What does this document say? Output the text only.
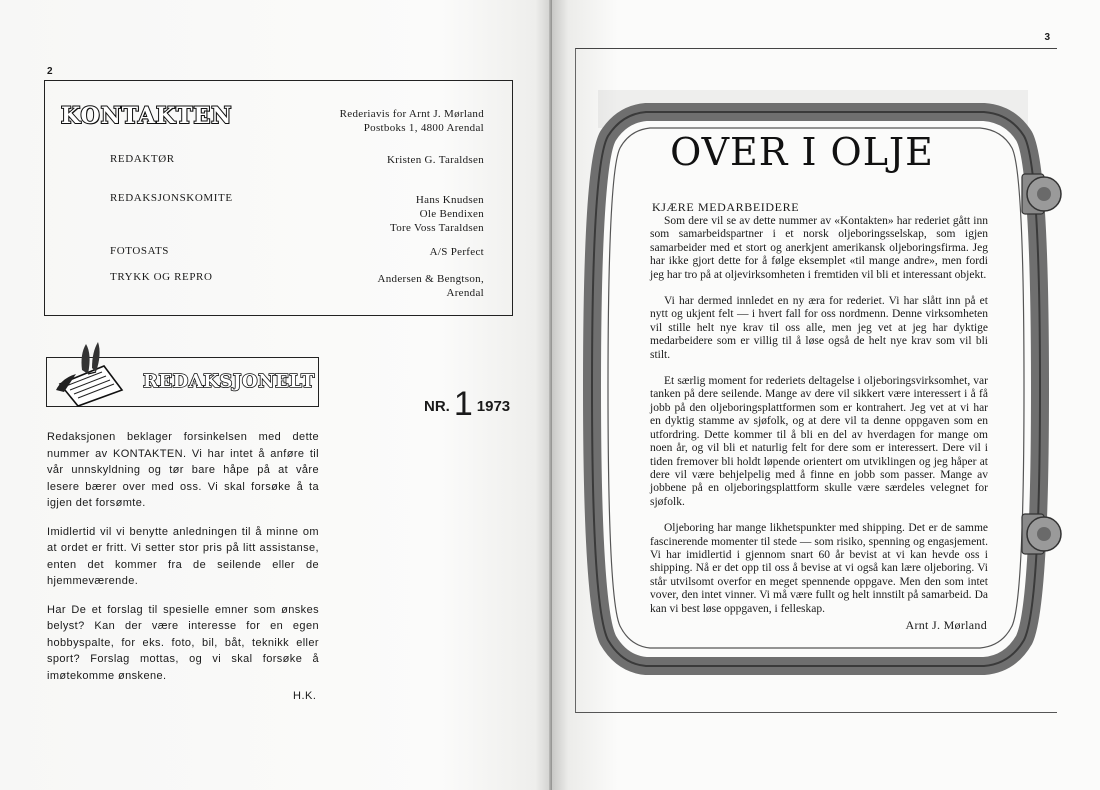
2
KONTAKTEN	Rederiavis for Arnt J. Mørland
Postboks 1, 4800 Arendal
REDAKTØR	Kristen G. Taraldsen
REDAKSJONSKOMITE	Hans Knudsen
Ole Bendixen
Tore Voss Taraldsen
FOTOSATS	A/S Perfect
TRYKK OG REPRO	Andersen & Bengtson,
Arendal
REDAKSJONELT
NR. 1 1973

Redaksjonen beklager forsinkelsen med dette nummer av KONTAKTEN. Vi har intet å anføre til vår unnskyldning og tør bare håpe på at våre lesere bærer over med oss. Vi skal forsøke å ta igjen det forsømte.

Imidlertid vil vi benytte anledningen til å minne om at ordet er fritt. Vi setter stor pris på litt assistanse, enten det kommer fra de seilende eller de hjemmeværende.

Har De et forslag til spesielle emner som ønskes belyst? Kan der være interesse for en egen hobbyspalte, for eks. foto, bil, båt, teknikk eller sport? Forslag mottas, og vi skal forsøke å imøtekomme ønskene.

H.K.
3
OVER I OLJE
KJÆRE MEDARBEIDERE

Som dere vil se av dette nummer av «Kontakten» har rederiet gått inn som samarbeidspartner i et norsk oljeboringsselskap, som igjen samarbeider med et stort og anerkjent amerikansk oljeboringsfirma. Jeg har ikke gjort dette for å følge eksemplet «til mange andre», men fordi jeg har tro på at oljevirksomheten i fremtiden vil bli et interessant objekt.

Vi har dermed innledet en ny æra for rederiet. Vi har slått inn på et nytt og ukjent felt — i hvert fall for oss nordmenn. Denne virksomheten vil stille helt nye krav til oss alle, men jeg vet at jeg har dyktige medarbeidere som er villig til å løse også de helt nye krav som vil bli stilt.

Et særlig moment for rederiets deltagelse i oljeboringsvirksomhet, var tanken på dere seilende. Mange av dere vil sikkert være interessert i å få jobb på den oljeboringsplattformen som er kontrahert. Jeg vet at vi har en dyktig stamme av sjøfolk, og at dere vil ta denne oppgaven som en utfordring. Dette kommer til å bli en del av hverdagen for mange om noen år, og vil bli et naturlig felt for dere som er interessert. Dere vil i tiden fremover bli holdt løpende orientert om utviklingen og jeg håper at dere vil være behjelpelig med å finne en jobb som passer. Mange av jobbene på en oljeboringsplattform skulle være særdeles velegnet for sjøfolk.

Oljeboring har mange likhetspunkter med shipping. Det er de samme fascinerende momenter til stede — som risiko, spenning og engasjement. Vi har imidlertid i gjennom snart 60 år bevist at vi kan hevde oss i shipping. Nå er det opp til oss å bevise at vi også kan lære oljeboring. Vi står utvilsomt overfor en meget spennende oppgave. Men den som intet vover, den intet vinner. Vi må være fullt og helt innstilt på samarbeid. Da kan vi best løse oppgaven, i felleskap.

Arnt J. Mørland
